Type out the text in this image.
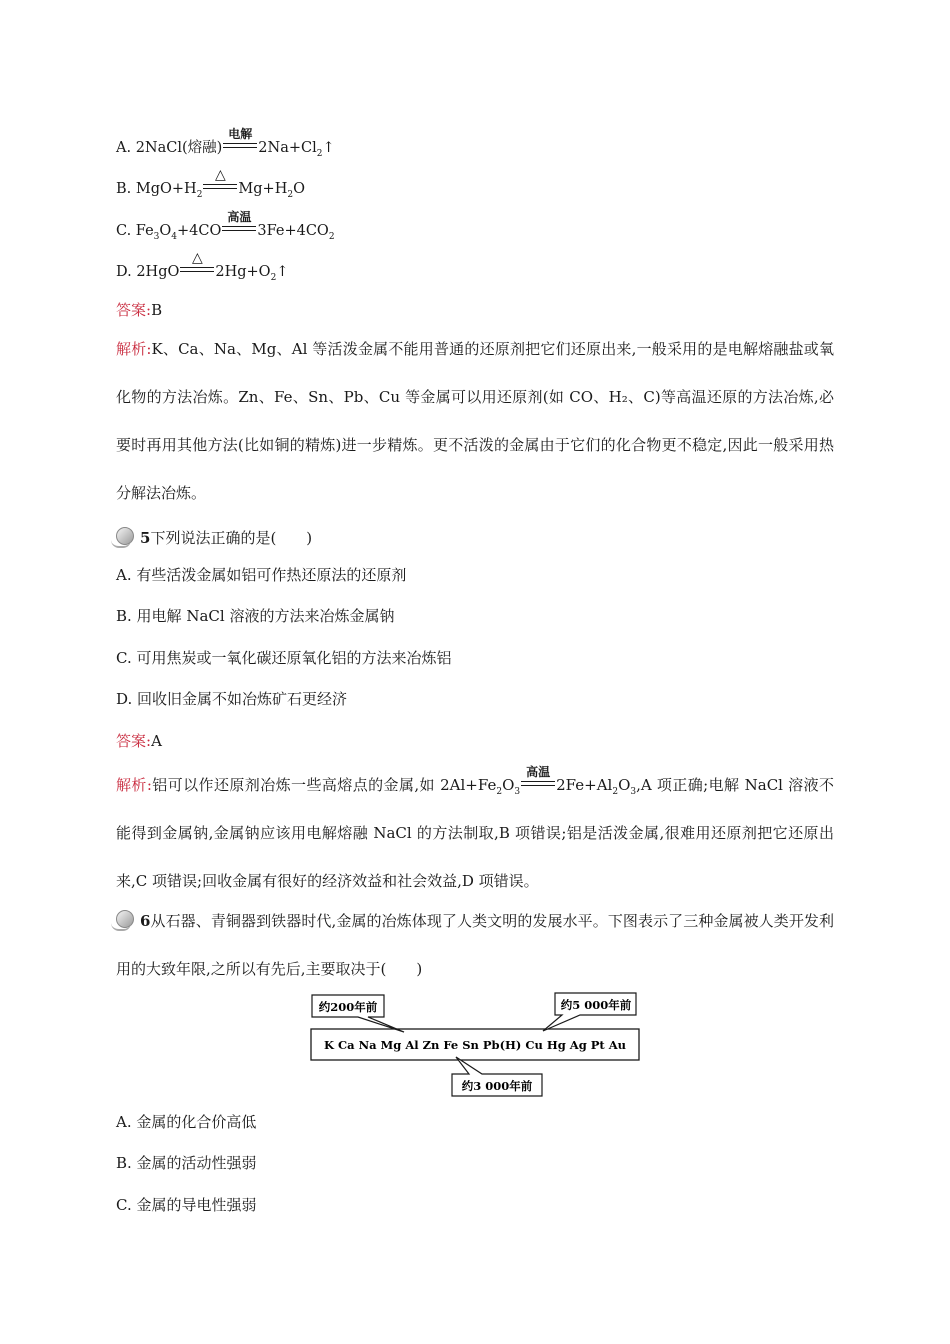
A. 2NaCl(熔融)
电解
$2Na+Cl_2↑$
B. $MgO+H_2$
△
$Mg+H_2O$
C. $Fe_3O_4+4CO$
高温
$3Fe+4CO_2$
D. 2HgO
△
$2Hg+O_2↑$
答案:B
解析:K、Ca、Na、Mg、Al 等活泼金属不能用普通的还原剂把它们还原出来,一般采用的是电解熔融盐或氧化物的方法冶炼。Zn、Fe、Sn、Pb、Cu 等金属可以用还原剂(如 CO、H₂、C)等高温还原的方法冶炼,必要时再用其他方法(比如铜的精炼)进一步精炼。更不活泼的金属由于它们的化合物更不稳定,因此一般采用热分解法冶炼。
5下列说法正确的是(　　)
A. 有些活泼金属如铝可作热还原法的还原剂
B. 用电解 NaCl 溶液的方法来冶炼金属钠
C. 可用焦炭或一氧化碳还原氧化铝的方法来冶炼铝
D. 回收旧金属不如冶炼矿石更经济
答案:A
解析:铝可以作还原剂冶炼一些高熔点的金属,如 $2Al+Fe_2O_3$
高温
$2Fe+Al_2O_3,A$ 项正确;电解 NaCl 溶液不能得到金属钠,金属钠应该用电解熔融 NaCl 的方法制取,B 项错误;铝是活泼金属,很难用还原剂把它还原出来,C 项错误;回收金属有很好的经济效益和社会效益,D 项错误。
6从石器、青铜器到铁器时代,金属的冶炼体现了人类文明的发展水平。下图表示了三种金属被人类开发利用的大致年限,之所以有先后,主要取决于(　　)
K Ca Na Mg Al Zn Fe Sn Pb(H) Cu Hg Ag Pt Au
约200年前	约5 000年前
约3 000年前
A. 金属的化合价高低
B. 金属的活动性强弱
C. 金属的导电性强弱
